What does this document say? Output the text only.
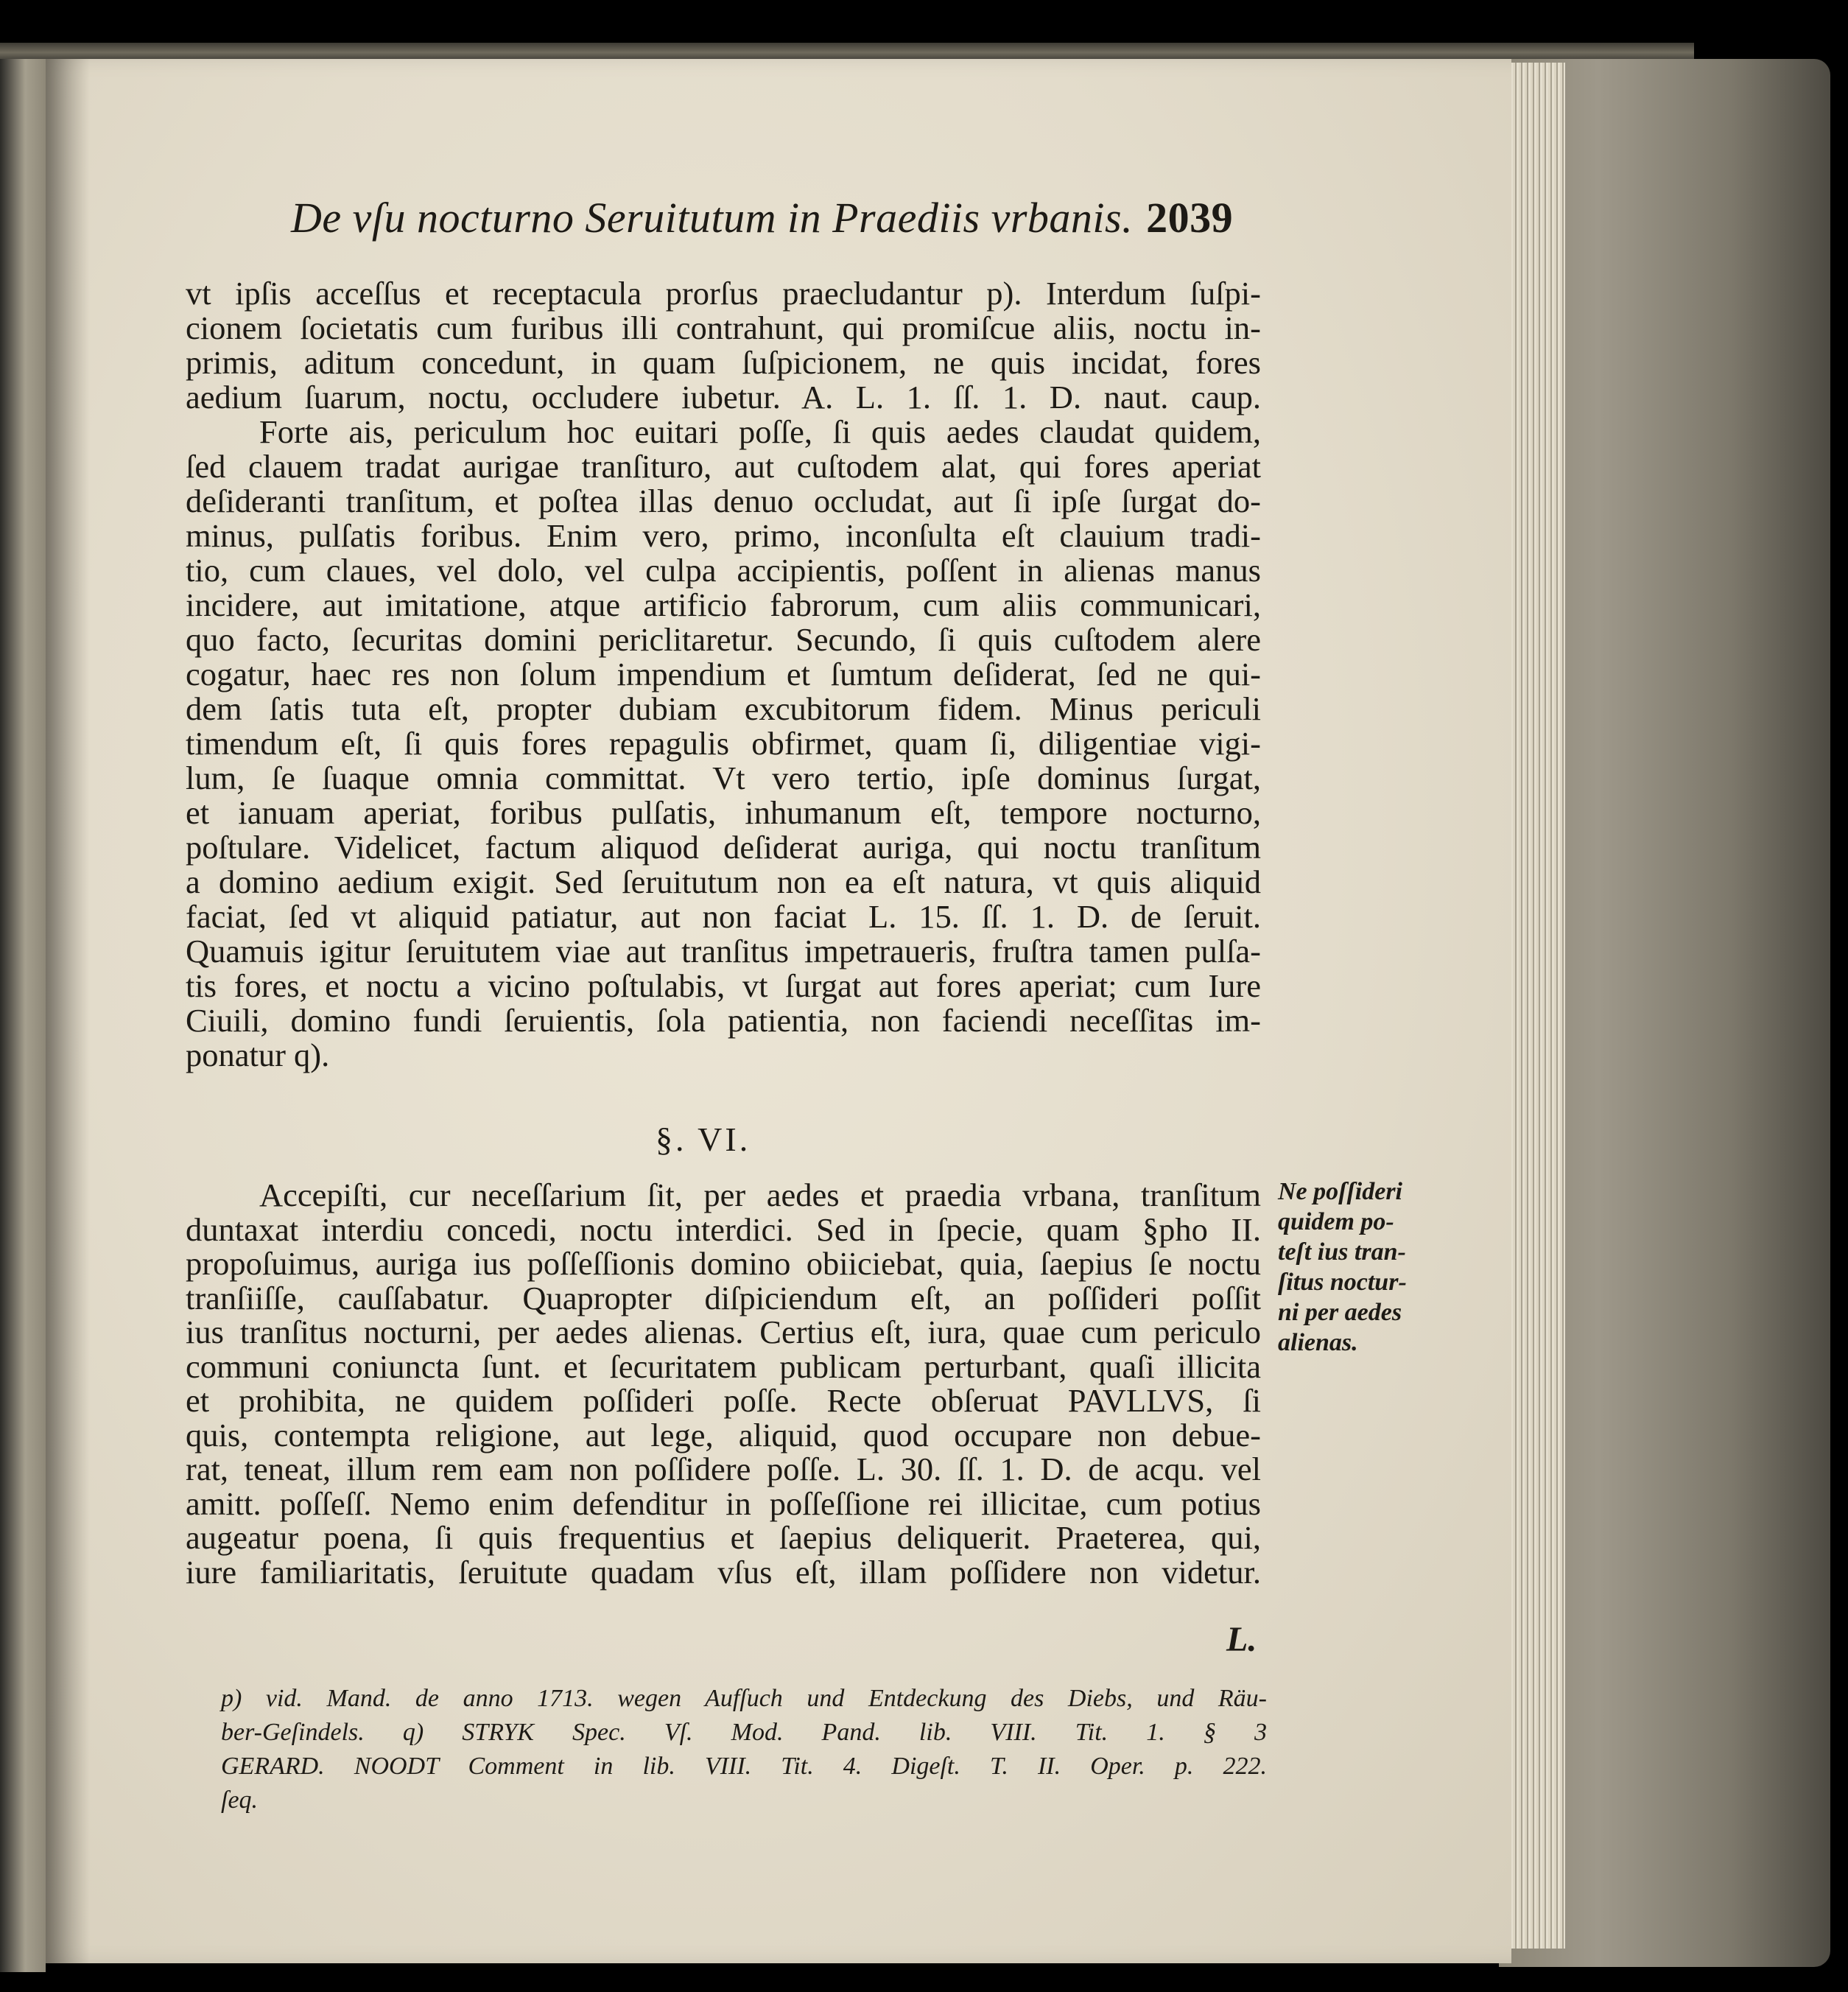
De vſu nocturno Seruitutum in Praediis vrbanis. 2039
vt ipſis acceſſus et receptacula prorſus praecludantur p). Interdum ſuſpi-
cionem ſocietatis cum furibus illi contrahunt, qui promiſcue aliis, noctu in-
primis, aditum concedunt, in quam ſuſpicionem, ne quis incidat, fores
aedium ſuarum, noctu, occludere iubetur. A. L. 1. ſſ. 1. D. naut. caup.
Forte ais, periculum hoc euitari poſſe, ſi quis aedes claudat quidem,
ſed clauem tradat aurigae tranſituro, aut cuſtodem alat, qui fores aperiat
deſideranti tranſitum, et poſtea illas denuo occludat, aut ſi ipſe ſurgat do-
minus, pulſatis foribus. Enim vero, primo, inconſulta eſt clauium tradi-
tio, cum claues, vel dolo, vel culpa accipientis, poſſent in alienas manus
incidere, aut imitatione, atque artificio fabrorum, cum aliis communicari,
quo facto, ſecuritas domini periclitaretur. Secundo, ſi quis cuſtodem alere
cogatur, haec res non ſolum impendium et ſumtum deſiderat, ſed ne qui-
dem ſatis tuta eſt, propter dubiam excubitorum fidem. Minus periculi
timendum eſt, ſi quis fores repagulis obfirmet, quam ſi, diligentiae vigi-
lum, ſe ſuaque omnia committat. Vt vero tertio, ipſe dominus ſurgat,
et ianuam aperiat, foribus pulſatis, inhumanum eſt, tempore nocturno,
poſtulare. Videlicet, factum aliquod deſiderat auriga, qui noctu tranſitum
a domino aedium exigit. Sed ſeruitutum non ea eſt natura, vt quis aliquid
faciat, ſed vt aliquid patiatur, aut non faciat L. 15. ſſ. 1. D. de ſeruit.
Quamuis igitur ſeruitutem viae aut tranſitus impetraueris, fruſtra tamen pulſa-
tis fores, et noctu a vicino poſtulabis, vt ſurgat aut fores aperiat; cum Iure
Ciuili, domino fundi ſeruientis, ſola patientia, non faciendi neceſſitas im-
ponatur q).
§. VI.
Accepiſti, cur neceſſarium ſit, per aedes et praedia vrbana, tranſitum
duntaxat interdiu concedi, noctu interdici. Sed in ſpecie, quam §pho II.
propoſuimus, auriga ius poſſeſſionis domino obiiciebat, quia, ſaepius ſe noctu
tranſiiſſe, cauſſabatur. Quapropter diſpiciendum eſt, an poſſideri poſſit
ius tranſitus nocturni, per aedes alienas. Certius eſt, iura, quae cum periculo
communi coniuncta ſunt. et ſecuritatem publicam perturbant, quaſi illicita
et prohibita, ne quidem poſſideri poſſe. Recte obſeruat PAVLLVS, ſi
quis, contempta religione, aut lege, aliquid, quod occupare non debue-
rat, teneat, illum rem eam non poſſidere poſſe. L. 30. ſſ. 1. D. de acqu. vel
amitt. poſſeſſ. Nemo enim defenditur in poſſeſſione rei illicitae, cum potius
augeatur poena, ſi quis frequentius et ſaepius deliquerit. Praeterea, qui,
iure familiaritatis, ſeruitute quadam vſus eſt, illam poſſidere non videtur.
Ne poſſideri
quidem po-
teſt ius tran-
ſitus noctur-
ni per aedes
alienas.
L.
p) vid. Mand. de anno 1713. wegen Aufſuch und Entdeckung des Diebs, und Räu-
ber-Geſindels. q) STRYK Spec. Vſ. Mod. Pand. lib. VIII. Tit. 1. § 3
GERARD. NOODT Comment in lib. VIII. Tit. 4. Digeſt. T. II. Oper. p. 222.
ſeq.
